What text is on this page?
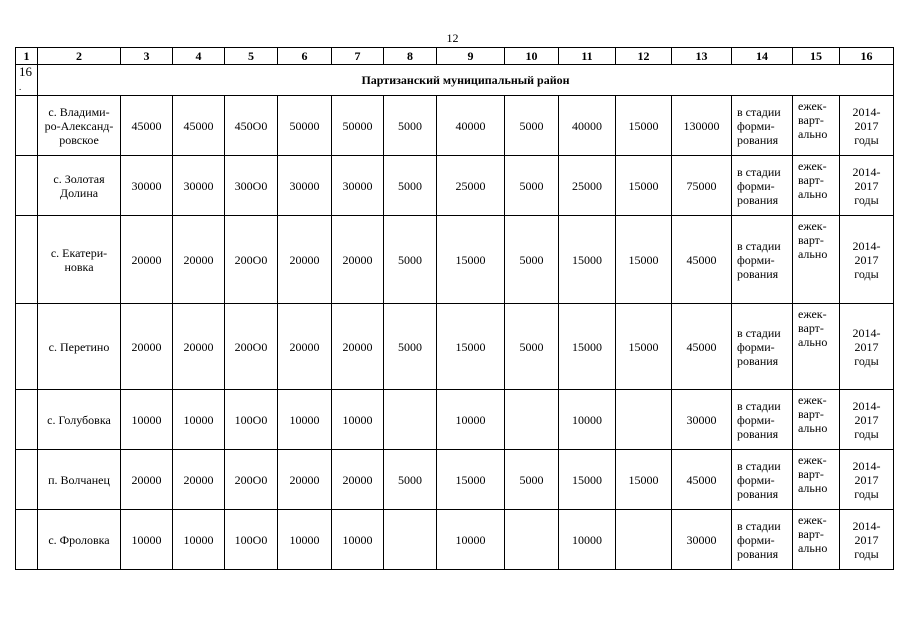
12
1	2	3	4	5	6	7	8	9	10	11	12	13	14	15	16
16
.	Партизанский муниципальный район														
	с. Владими-
ро-Александ-
ровское	45000	45000	450О0	50000	50000	5000	40000	5000	40000	15000	130000	в стадии
форми-
рования	ежек-
варт-
ально	2014-
2017
годы
	с. Золотая
Долина	30000	30000	300О0	30000	30000	5000	25000	5000	25000	15000	75000	в стадии
форми-
рования	ежек-
варт-
ально	2014-
2017
годы
	с. Екатери-
новка	20000	20000	200О0	20000	20000	5000	15000	5000	15000	15000	45000	в стадии
форми-
рования	ежек-
варт-
ально	2014-
2017
годы
	с. Перетино	20000	20000	200О0	20000	20000	5000	15000	5000	15000	15000	45000	в стадии
форми-
рования	ежек-
варт-
ально	2014-
2017
годы
	с. Голубовка	10000	10000	100О0	10000	10000		10000		10000		30000	в стадии
форми-
рования	ежек-
варт-
ально	2014-
2017
годы
	п. Волчанец	20000	20000	200О0	20000	20000	5000	15000	5000	15000	15000	45000	в стадии
форми-
рования	ежек-
варт-
ально	2014-
2017
годы
	с. Фроловка	10000	10000	100О0	10000	10000		10000		10000		30000	в стадии
форми-
рования	ежек-
варт-
ально	2014-
2017
годы
